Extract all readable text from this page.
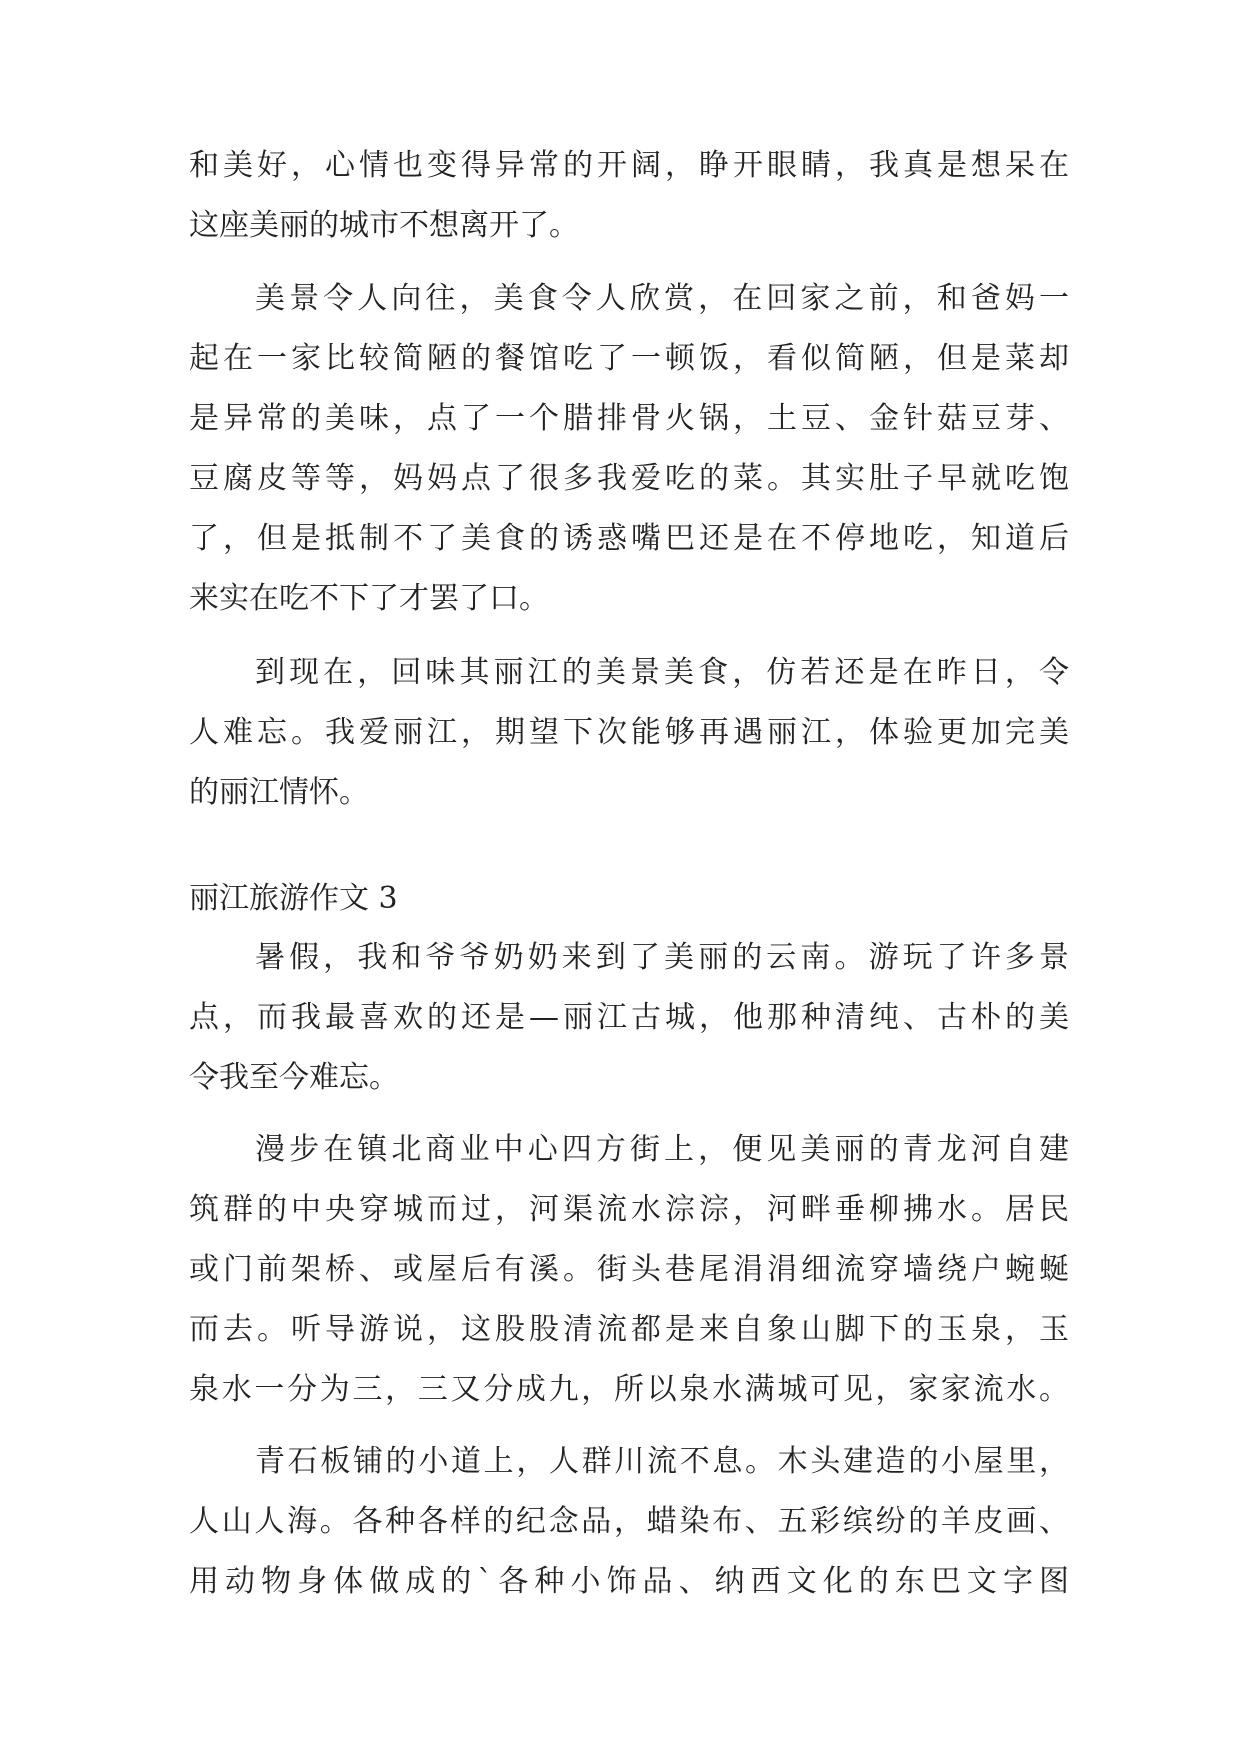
和美好，心情也变得异常的开阔，睁开眼睛，我真是想呆在
这座美丽的城市不想离开了。
美景令人向往，美食令人欣赏，在回家之前，和爸妈一
起在一家比较简陋的餐馆吃了一顿饭，看似简陋，但是菜却
是异常的美味，点了一个腊排骨火锅，土豆、金针菇豆芽、
豆腐皮等等，妈妈点了很多我爱吃的菜。其实肚子早就吃饱
了，但是抵制不了美食的诱惑嘴巴还是在不停地吃，知道后
来实在吃不下了才罢了口。
到现在，回味其丽江的美景美食，仿若还是在昨日，令
人难忘。我爱丽江，期望下次能够再遇丽江，体验更加完美
的丽江情怀。
丽江旅游作文 3
暑假，我和爷爷奶奶来到了美丽的云南。游玩了许多景
点，而我最喜欢的还是—丽江古城，他那种清纯、古朴的美
令我至今难忘。
漫步在镇北商业中心四方街上，便见美丽的青龙河自建
筑群的中央穿城而过，河渠流水淙淙，河畔垂柳拂水。居民
或门前架桥、或屋后有溪。街头巷尾涓涓细流穿墙绕户蜿蜒
而去。听导游说，这股股清流都是来自象山脚下的玉泉，玉
泉水一分为三，三又分成九，所以泉水满城可见，家家流水。
青石板铺的小道上，人群川流不息。木头建造的小屋里，
人山人海。各种各样的纪念品，蜡染布、五彩缤纷的羊皮画、
用动物身体做成的`各种小饰品、纳西文化的东巴文字图
